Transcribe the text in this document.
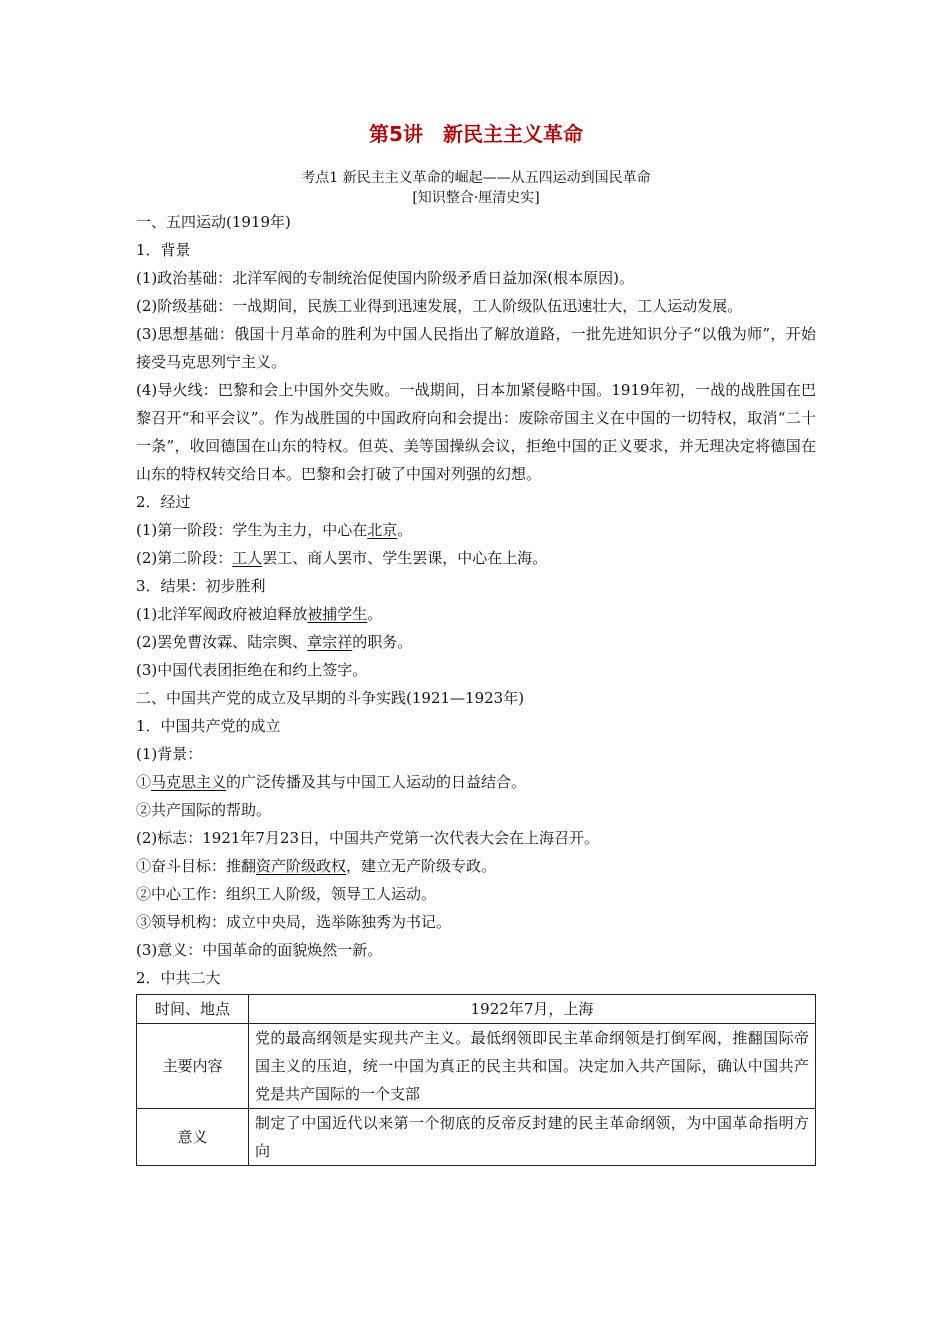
第5讲　新民主主义革命
考点1 新民主主义革命的崛起——从五四运动到国民革命
[知识整合·厘清史实]
一、五四运动(1919年)
1．背景
(1)政治基础：北洋军阀的专制统治促使国内阶级矛盾日益加深(根本原因)。
(2)阶级基础：一战期间，民族工业得到迅速发展，工人阶级队伍迅速壮大，工人运动发展。
(3)思想基础：俄国十月革命的胜利为中国人民指出了解放道路，一批先进知识分子“以俄为师”，开始接受马克思列宁主义。
(4)导火线：巴黎和会上中国外交失败。一战期间，日本加紧侵略中国。1919年初，一战的战胜国在巴黎召开“和平会议”。作为战胜国的中国政府向和会提出：废除帝国主义在中国的一切特权，取消“二十一条”，收回德国在山东的特权。但英、美等国操纵会议，拒绝中国的正义要求，并无理决定将德国在山东的特权转交给日本。巴黎和会打破了中国对列强的幻想。
2．经过
(1)第一阶段：学生为主力，中心在北京。
(2)第二阶段：工人罢工、商人罢市、学生罢课，中心在上海。
3．结果：初步胜利
(1)北洋军阀政府被迫释放被捕学生。
(2)罢免曹汝霖、陆宗舆、章宗祥的职务。
(3)中国代表团拒绝在和约上签字。
二、中国共产党的成立及早期的斗争实践(1921—1923年)
1．中国共产党的成立
(1)背景：
①马克思主义的广泛传播及其与中国工人运动的日益结合。
②共产国际的帮助。
(2)标志：1921年7月23日，中国共产党第一次代表大会在上海召开。
①奋斗目标：推翻资产阶级政权，建立无产阶级专政。
②中心工作：组织工人阶级，领导工人运动。
③领导机构：成立中央局，选举陈独秀为书记。
(3)意义：中国革命的面貌焕然一新。
2．中共二大
时间、地点	1922年7月，上海
主要内容	党的最高纲领是实现共产主义。最低纲领即民主革命纲领是打倒军阀，推翻国际帝国主义的压迫，统一中国为真正的民主共和国。决定加入共产国际，确认中国共产党是共产国际的一个支部
意义	制定了中国近代以来第一个彻底的反帝反封建的民主革命纲领，为中国革命指明方向
